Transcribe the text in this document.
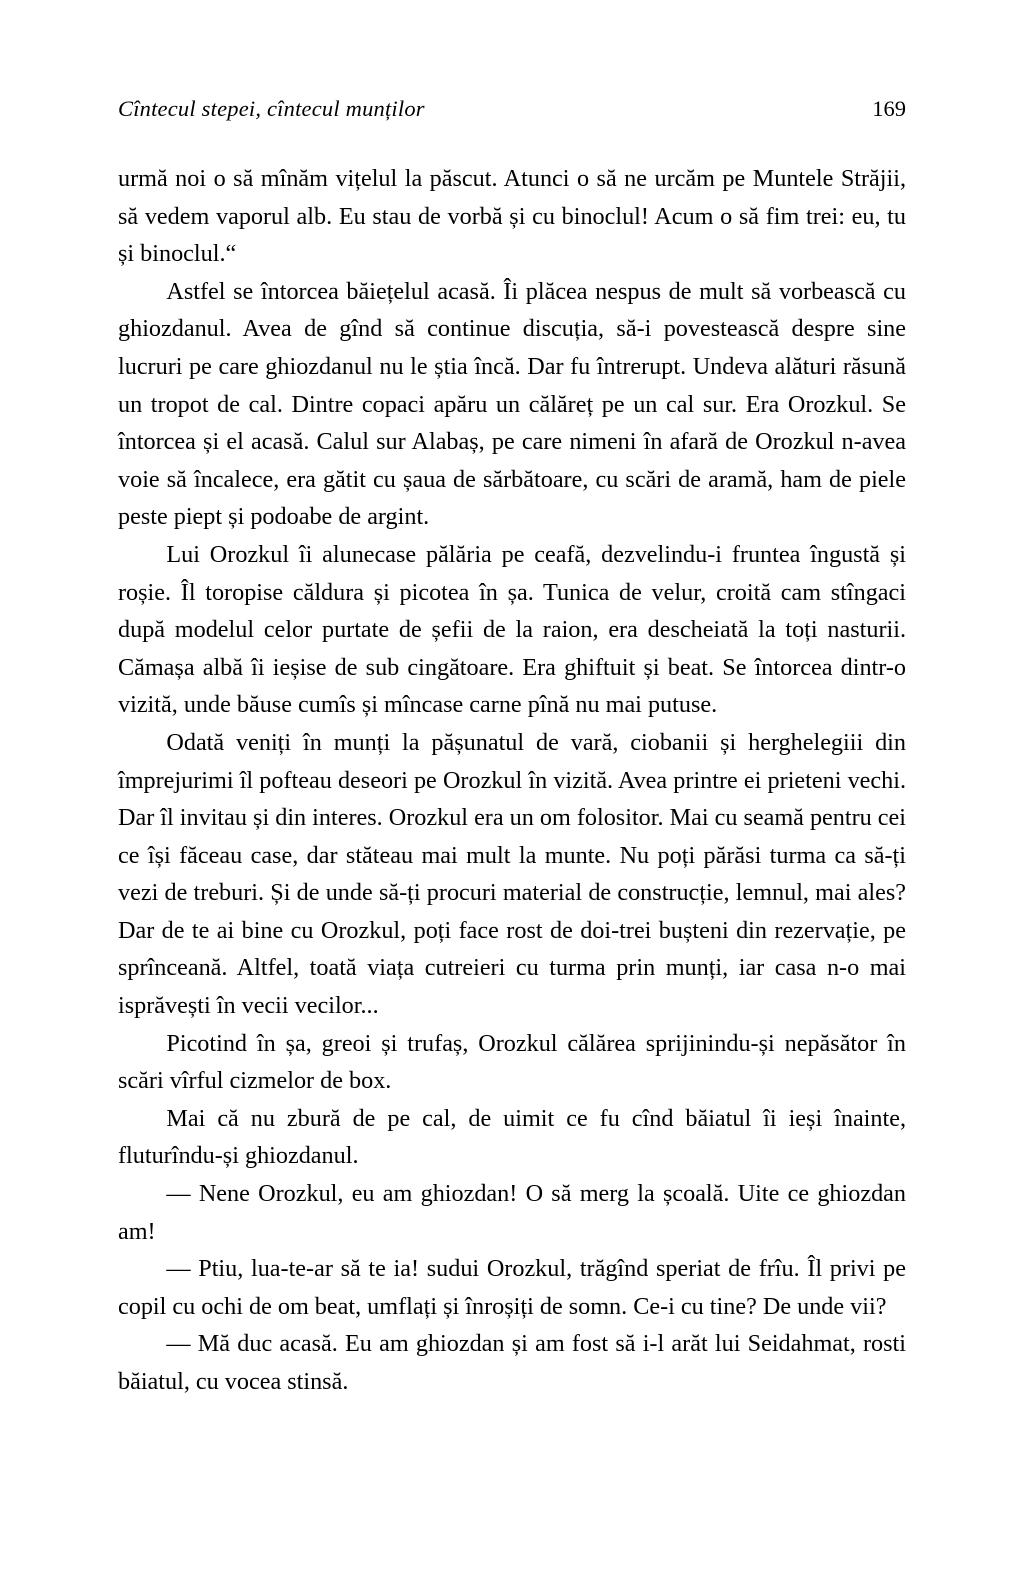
Cîntecul stepei, cîntecul munților	169

urmă noi o să mînăm vițelul la păscut. Atunci o să ne urcăm pe Muntele Străjii, să vedem vaporul alb. Eu stau de vorbă și cu binoclul! Acum o să fim trei: eu, tu și binoclul.“

Astfel se întorcea băiețelul acasă. Îi plăcea nespus de mult să vorbească cu ghiozdanul. Avea de gînd să continue discuția, să-i povestească despre sine lucruri pe care ghiozdanul nu le știa încă. Dar fu întrerupt. Undeva alături răsună un tropot de cal. Dintre copaci apăru un călăreț pe un cal sur. Era Orozkul. Se întorcea și el acasă. Calul sur Alabaș, pe care nimeni în afară de Orozkul n-avea voie să încalece, era gătit cu șaua de sărbătoare, cu scări de aramă, ham de piele peste piept și podoabe de argint.

Lui Orozkul îi alunecase pălăria pe ceafă, dezvelindu-i fruntea îngustă și roșie. Îl toropise căldura și picotea în șa. Tunica de velur, croită cam stîngaci după modelul celor purtate de șefii de la raion, era descheiată la toți nasturii. Cămașa albă îi ieșise de sub cingătoare. Era ghiftuit și beat. Se întorcea dintr-o vizită, unde băuse cumîs și mîncase carne pînă nu mai putuse.

Odată veniți în munți la pășunatul de vară, ciobanii și herghelegiii din împrejurimi îl pofteau deseori pe Orozkul în vizită. Avea printre ei prieteni vechi. Dar îl invitau și din interes. Orozkul era un om folositor. Mai cu seamă pentru cei ce își făceau case, dar stăteau mai mult la munte. Nu poți părăsi turma ca să-ți vezi de treburi. Și de unde să-ți procuri material de construcție, lemnul, mai ales? Dar de te ai bine cu Orozkul, poți face rost de doi-trei bușteni din rezervație, pe sprînceană. Altfel, toată viața cutreieri cu turma prin munți, iar casa n-o mai isprăvești în vecii vecilor...

Picotind în șa, greoi și trufaș, Orozkul călărea sprijinindu-și nepăsător în scări vîrful cizmelor de box.

Mai că nu zbură de pe cal, de uimit ce fu cînd băiatul îi ieși înainte, fluturîndu-și ghiozdanul.

— Nene Orozkul, eu am ghiozdan! O să merg la școală. Uite ce ghiozdan am!

— Ptiu, lua-te-ar să te ia! sudui Orozkul, trăgînd speriat de frîu. Îl privi pe copil cu ochi de om beat, umflați și înroșiți de somn. Ce-i cu tine? De unde vii?

— Mă duc acasă. Eu am ghiozdan și am fost să i-l arăt lui Seidahmat, rosti băiatul, cu vocea stinsă.
